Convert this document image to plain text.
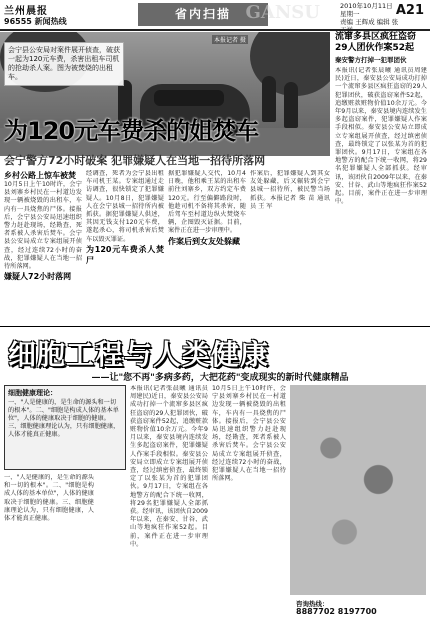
兰州晨报
96555 新闻热线
省内扫描 GANSU	2010年10月11日 星期一
责编 王辉成 编辑 张
A21
本报记者 摄
会宁县公安局对案件展开侦查，破获一起为120元车费，杀害出租车司机的抢劫杀人案。图为被焚烧的出租车。
为120元车费杀的姐焚车
会宁警方72小时破案 犯罪嫌疑人在当地一招待所落网
乡村公路上惊车被焚
10月5日上午10时许，会宁县刘寨乡村民在一村道边发现一辆被烧毁的出租车，车内有一具烧焦的尸体。接报后，会宁县公安局迅速组织警力赶赴现场，经勘查，死者系被人杀害后焚车。会宁县公安局成立专案组展开侦查，经过连续72小时的奋战，犯罪嫌疑人在当地一招待所落网。
嫌疑人72小时落网
经调查，死者为会宁县出租车司机王某。专案组通过走访调查，很快锁定了犯罪嫌疑人。10月8日，犯罪嫌疑人在会宁县城一招待所内被抓获。据犯罪嫌疑人供述，其因无钱支付120元车费，遂起杀心，将司机杀害后焚车以毁灭罪证。
为120元车费杀人焚尸
据犯罪嫌疑人交代，10月4日晚，他租乘王某的出租车前往刘寨乡，双方约定车费120元。行至偏僻路段时，他趁司机不备将其杀害，随后驾车至村道边纵火焚烧车辆，企图毁灭证据。目前，案件正在进一步审理中。
作案后到女友处躲藏
作案后，犯罪嫌疑人到其女友处躲藏，后又辗转到会宁县城一招待所，被民警当场抓获。本报记者 柴 苗 通讯员 王 军
流窜多县区疯狂盗窃 29人团伙作案52起
秦安警方打掉一犯罪团伙
本报讯(记者张晨曦 通讯员周建民)近日，秦安县公安局成功打掉一个流窜多县区疯狂盗窃的29人犯罪团伙，破获盗窃案件52起，追缴赃款赃物价值10余万元。今年9月以来，秦安县境内连续发生多起盗窃案件，犯罪嫌疑人作案手段相似。秦安县公安局立即成立专案组展开侦查，经过缜密侦查，最终锁定了以张某为首的犯罪团伙。9月17日，专案组在各地警方的配合下统一收网，将29名犯罪嫌疑人全部抓获。经审讯，该团伙自2009年以来，在秦安、甘谷、武山等地疯狂作案52起。目前，案件正在进一步审理中。
细胞工程与人类健康
——让"您不再"多病多药，大把花药"变成现实的新时代健康精品
细胞健康理论：
一、"人是健康的，是生命的源头和一切的根本"。二、"细胞是构成人体的基本单位"，人体的健康取决于细胞的健康。三、细胞健康理论认为，只有细胞健康，人体才能真正健康。
一、"人是健康的，是生命的源头和一切的根本"。二、"细胞是构成人体的基本单位"，人体的健康取决于细胞的健康。三、细胞健康理论认为，只有细胞健康，人体才能真正健康。
本报讯(记者张晨曦 通讯员周建民)近日，秦安县公安局成功打掉一个流窜多县区疯狂盗窃的29人犯罪团伙，破获盗窃案件52起，追缴赃款赃物价值10余万元。今年9月以来，秦安县境内连续发生多起盗窃案件，犯罪嫌疑人作案手段相似。秦安县公安局立即成立专案组展开侦查，经过缜密侦查，最终锁定了以张某为首的犯罪团伙。9月17日，专案组在各地警方的配合下统一收网，将29名犯罪嫌疑人全部抓获。经审讯，该团伙自2009年以来，在秦安、甘谷、武山等地疯狂作案52起。目前，案件正在进一步审理中。
10月5日上午10时许，会宁县刘寨乡村民在一村道边发现一辆被烧毁的出租车，车内有一具烧焦的尸体。接报后，会宁县公安局迅速组织警力赶赴现场，经勘查，死者系被人杀害后焚车。会宁县公安局成立专案组展开侦查，经过连续72小时的奋战，犯罪嫌疑人在当地一招待所落网。
咨询热线：
8887702 8197700
